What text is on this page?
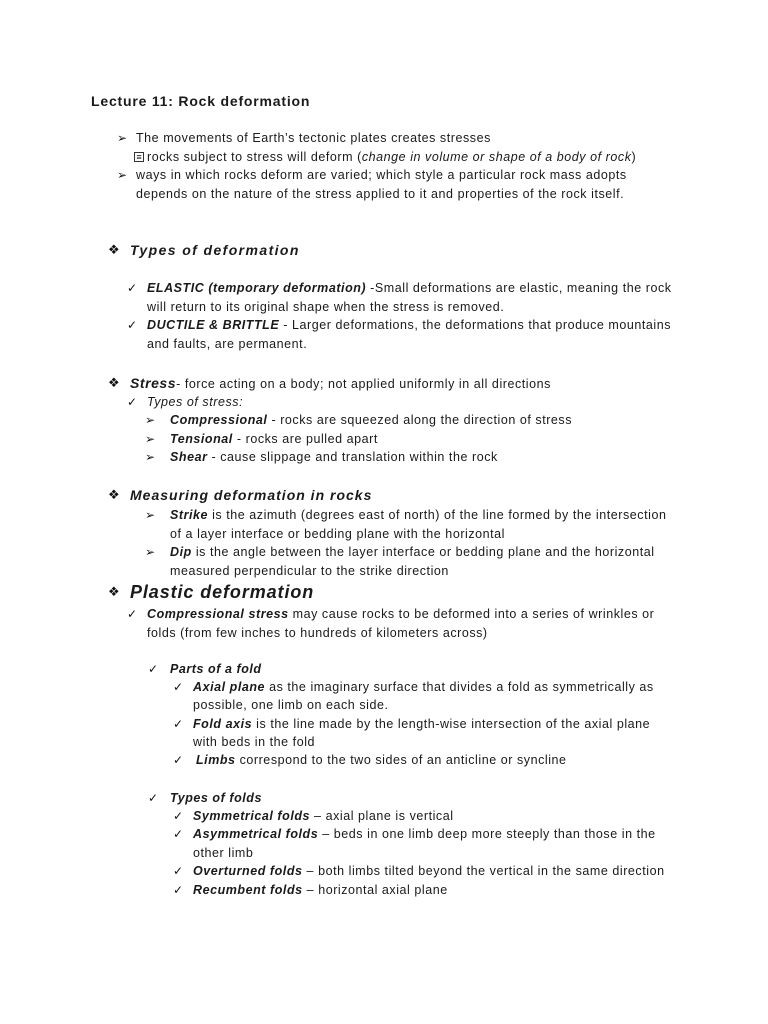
Lecture 11: Rock deformation
➢ The movements of Earth’s tectonic plates creates stresses
≡ rocks subject to stress will deform (change in volume or shape of a body of rock)
➢ ways in which rocks deform are varied; which style a particular rock mass adopts
depends on the nature of the stress applied to it and properties of the rock itself.
❖ Types of deformation
✓ ELASTIC (temporary deformation) -Small deformations are elastic, meaning the rock
will return to its original shape when the stress is removed.
✓ DUCTILE & BRITTLE - Larger deformations, the deformations that produce mountains
and faults, are permanent.
❖ Stress- force acting on a body; not applied uniformly in all directions
✓ Types of stress:
➢ Compressional - rocks are squeezed along the direction of stress
➢ Tensional - rocks are pulled apart
➢ Shear - cause slippage and translation within the rock
❖ Measuring deformation in rocks
➢ Strike is the azimuth (degrees east of north) of the line formed by the intersection
of a layer interface or bedding plane with the horizontal
➢ Dip is the angle between the layer interface or bedding plane and the horizontal
measured perpendicular to the strike direction
❖ Plastic deformation
✓ Compressional stress may cause rocks to be deformed into a series of wrinkles or
folds (from few inches to hundreds of kilometers across)
✓ Parts of a fold
✓ Axial plane as the imaginary surface that divides a fold as symmetrically as
possible, one limb on each side.
✓ Fold axis is the line made by the length-wise intersection of the axial plane
with beds in the fold
✓ Limbs correspond to the two sides of an anticline or syncline
✓ Types of folds
✓ Symmetrical folds – axial plane is vertical
✓ Asymmetrical folds – beds in one limb deep more steeply than those in the
other limb
✓ Overturned folds – both limbs tilted beyond the vertical in the same direction
✓ Recumbent folds – horizontal axial plane
